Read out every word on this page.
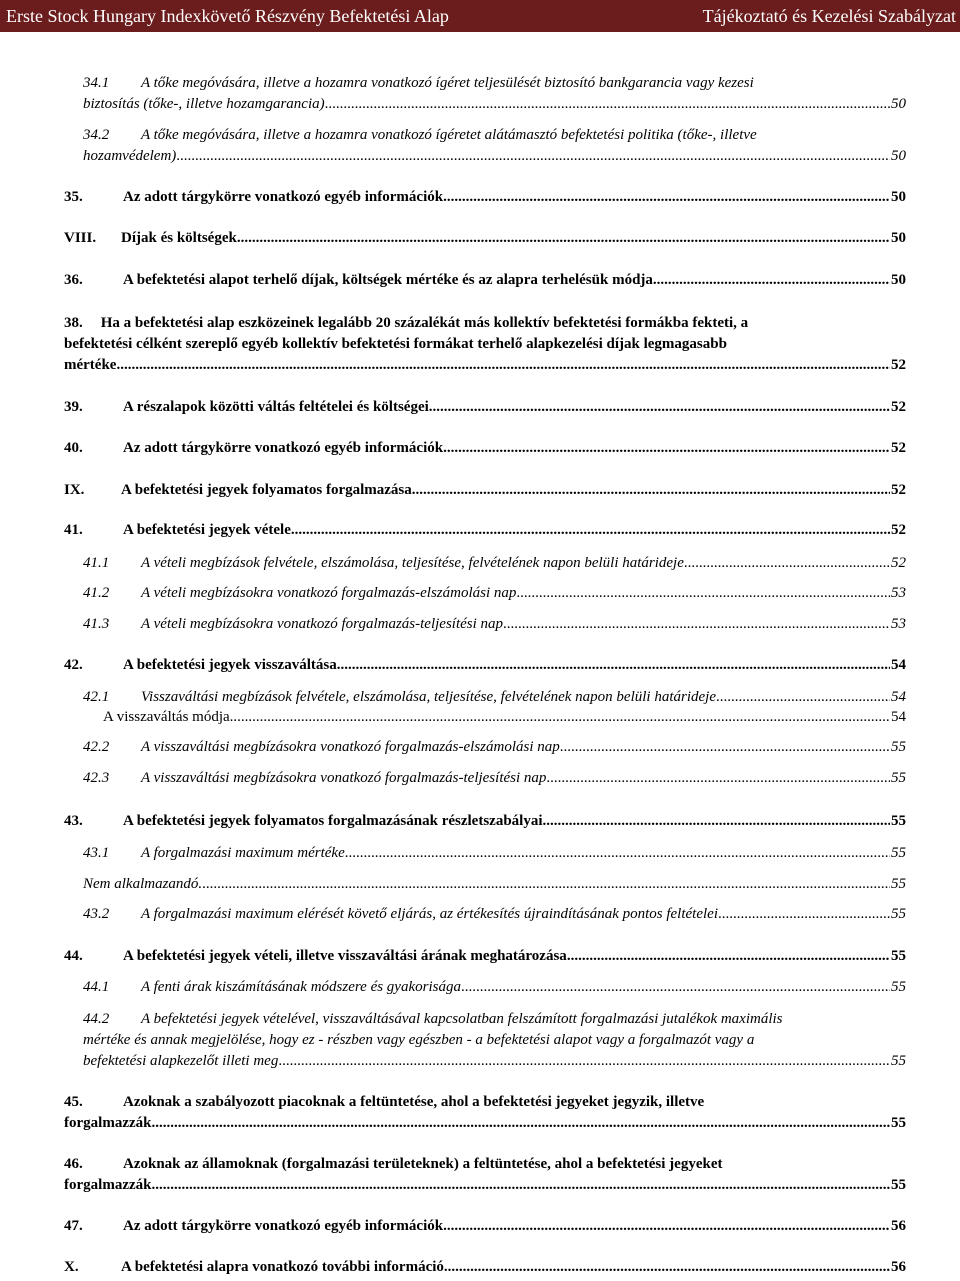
Erste Stock Hungary Indexkövető Részvény Befektetési Alap	Tájékoztató és Kezelési Szabályzat
34.1 A tőke megóvására, illetve a hozamra vonatkozó ígéret teljesülését biztosító bankgarancia vagy kezesi
biztosítás (tőke-, illetve hozamgarancia) .....	50
34.2 A tőke megóvására, illetve a hozamra vonatkozó ígéretet alátámasztó befektetési politika (tőke-, illetve
hozamvédelem) .....	50
35.	Az adott tárgykörre vonatkozó egyéb információk .....	50
VIII. Díjak és költségek .....	50
36.	A befektetési alapot terhelő díjak, költségek mértéke és az alapra terhelésük módja .....	50
38. Ha a befektetési alap eszközeinek legalább 20 százalékát más kollektív befektetési formákba fekteti, a
befektetési célként szereplő egyéb kollektív befektetési formákat terhelő alapkezelési díjak legmagasabb
mértéke .....	52
39.	A részalapok közötti váltás feltételei és költségei .....	52
40.	Az adott tárgykörre vonatkozó egyéb információk .....	52
IX. A befektetési jegyek folyamatos forgalmazása .....	52
41.	A befektetési jegyek vétele .....	52
41.1 A vételi megbízások felvétele, elszámolása, teljesítése, felvételének napon belüli határideje .....	52
41.2 A vételi megbízásokra vonatkozó forgalmazás-elszámolási nap .....	53
41.3 A vételi megbízásokra vonatkozó forgalmazás-teljesítési nap .....	53
42.	A befektetési jegyek visszaváltása .....	54
42.1 Visszaváltási megbízások felvétele, elszámolása, teljesítése, felvételének napon belüli határideje .....	54
A visszaváltás módja .....	54
42.2 A visszaváltási megbízásokra vonatkozó forgalmazás-elszámolási nap .....	55
42.3 A visszaváltási megbízásokra vonatkozó forgalmazás-teljesítési nap .....	55
43.	A befektetési jegyek folyamatos forgalmazásának részletszabályai .....	55
43.1 A forgalmazási maximum mértéke .....	55
Nem alkalmazandó. .....	55
43.2 A forgalmazási maximum elérését követő eljárás, az értékesítés újraindításának pontos feltételei .....	55
44.	A befektetési jegyek vételi, illetve visszaváltási árának meghatározása .....	55
44.1 A fenti árak kiszámításának módszere és gyakorisága .....	55
44.2 A befektetési jegyek vételével, visszaváltásával kapcsolatban felszámított forgalmazási jutalékok maximális
mértéke és annak megjelölése, hogy ez - részben vagy egészben - a befektetési alapot vagy a forgalmazót vagy a
befektetési alapkezelőt illeti meg .....	55
45.	Azoknak a szabályozott piacoknak a feltüntetése, ahol a befektetési jegyeket jegyzik, illetve
forgalmazzák .....	55
46.	Azoknak az államoknak (forgalmazási területeknek) a feltüntetése, ahol a befektetési jegyeket
forgalmazzák .....	55
47.	Az adott tárgykörre vonatkozó egyéb információk .....	56
X.	A befektetési alapra vonatkozó további információ .....	56
